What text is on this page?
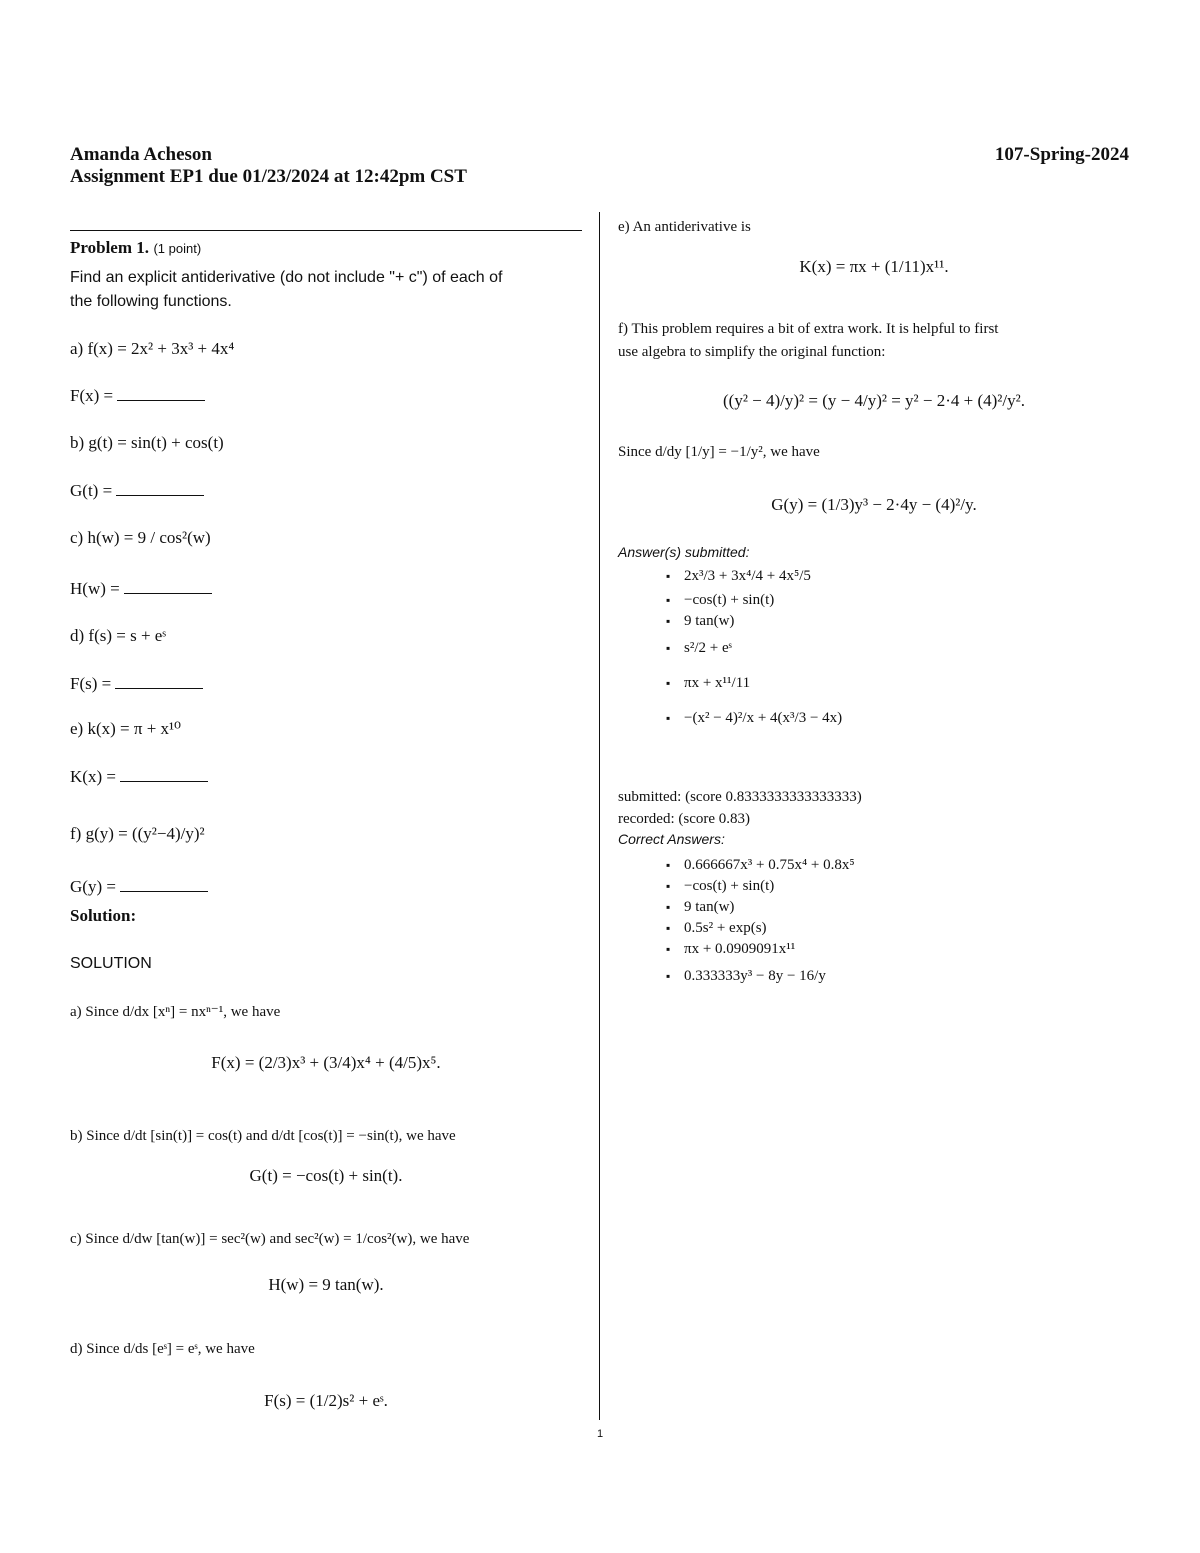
Amanda Acheson	107-Spring-2024
Assignment EP1 due 01/23/2024 at 12:42pm CST
1
Problem 1. (1 point)
Find an explicit antiderivative (do not include "+ c") of each of
the following functions.
a) f(x) = 2x² + 3x³ + 4x⁴
F(x) =
b) g(t) = sin(t) + cos(t)
G(t) =
c) h(w) = 9 / cos²(w)
H(w) =
d) f(s) = s + eˢ
F(s) =
e) k(x) = π + x¹⁰
K(x) =
f) g(y) = ((y²−4)/y)²
G(y) =
Solution:
SOLUTION
a) Since d/dx [xⁿ] = nxⁿ⁻¹, we have
F(x) = (2/3)x³ + (3/4)x⁴ + (4/5)x⁵.
b) Since d/dt [sin(t)] = cos(t) and d/dt [cos(t)] = −sin(t), we have
G(t) = −cos(t) + sin(t).
c) Since d/dw [tan(w)] = sec²(w) and sec²(w) = 1/cos²(w), we have
H(w) = 9 tan(w).
d) Since d/ds [eˢ] = eˢ, we have
F(s) = (1/2)s² + eˢ.
e) An antiderivative is
K(x) = πx + (1/11)x¹¹.
f) This problem requires a bit of extra work. It is helpful to first
use algebra to simplify the original function:
((y² − 4)/y)² = (y − 4/y)² = y² − 2·4 + (4)²/y².
Since d/dy [1/y] = −1/y², we have
G(y) = (1/3)y³ − 2·4y − (4)²/y.
Answer(s) submitted:
▪ 2x³/3 + 3x⁴/4 + 4x⁵/5
▪ −cos(t) + sin(t)
▪ 9 tan(w)
▪ s²/2 + eˢ
▪ πx + x¹¹/11
▪ −(x² − 4)²/x + 4(x³/3 − 4x)
submitted: (score 0.8333333333333333)
recorded: (score 0.83)
Correct Answers:
▪ 0.666667x³ + 0.75x⁴ + 0.8x⁵
▪ −cos(t) + sin(t)
▪ 9 tan(w)
▪ 0.5s² + exp(s)
▪ πx + 0.0909091x¹¹
▪ 0.333333y³ − 8y − 16/y
